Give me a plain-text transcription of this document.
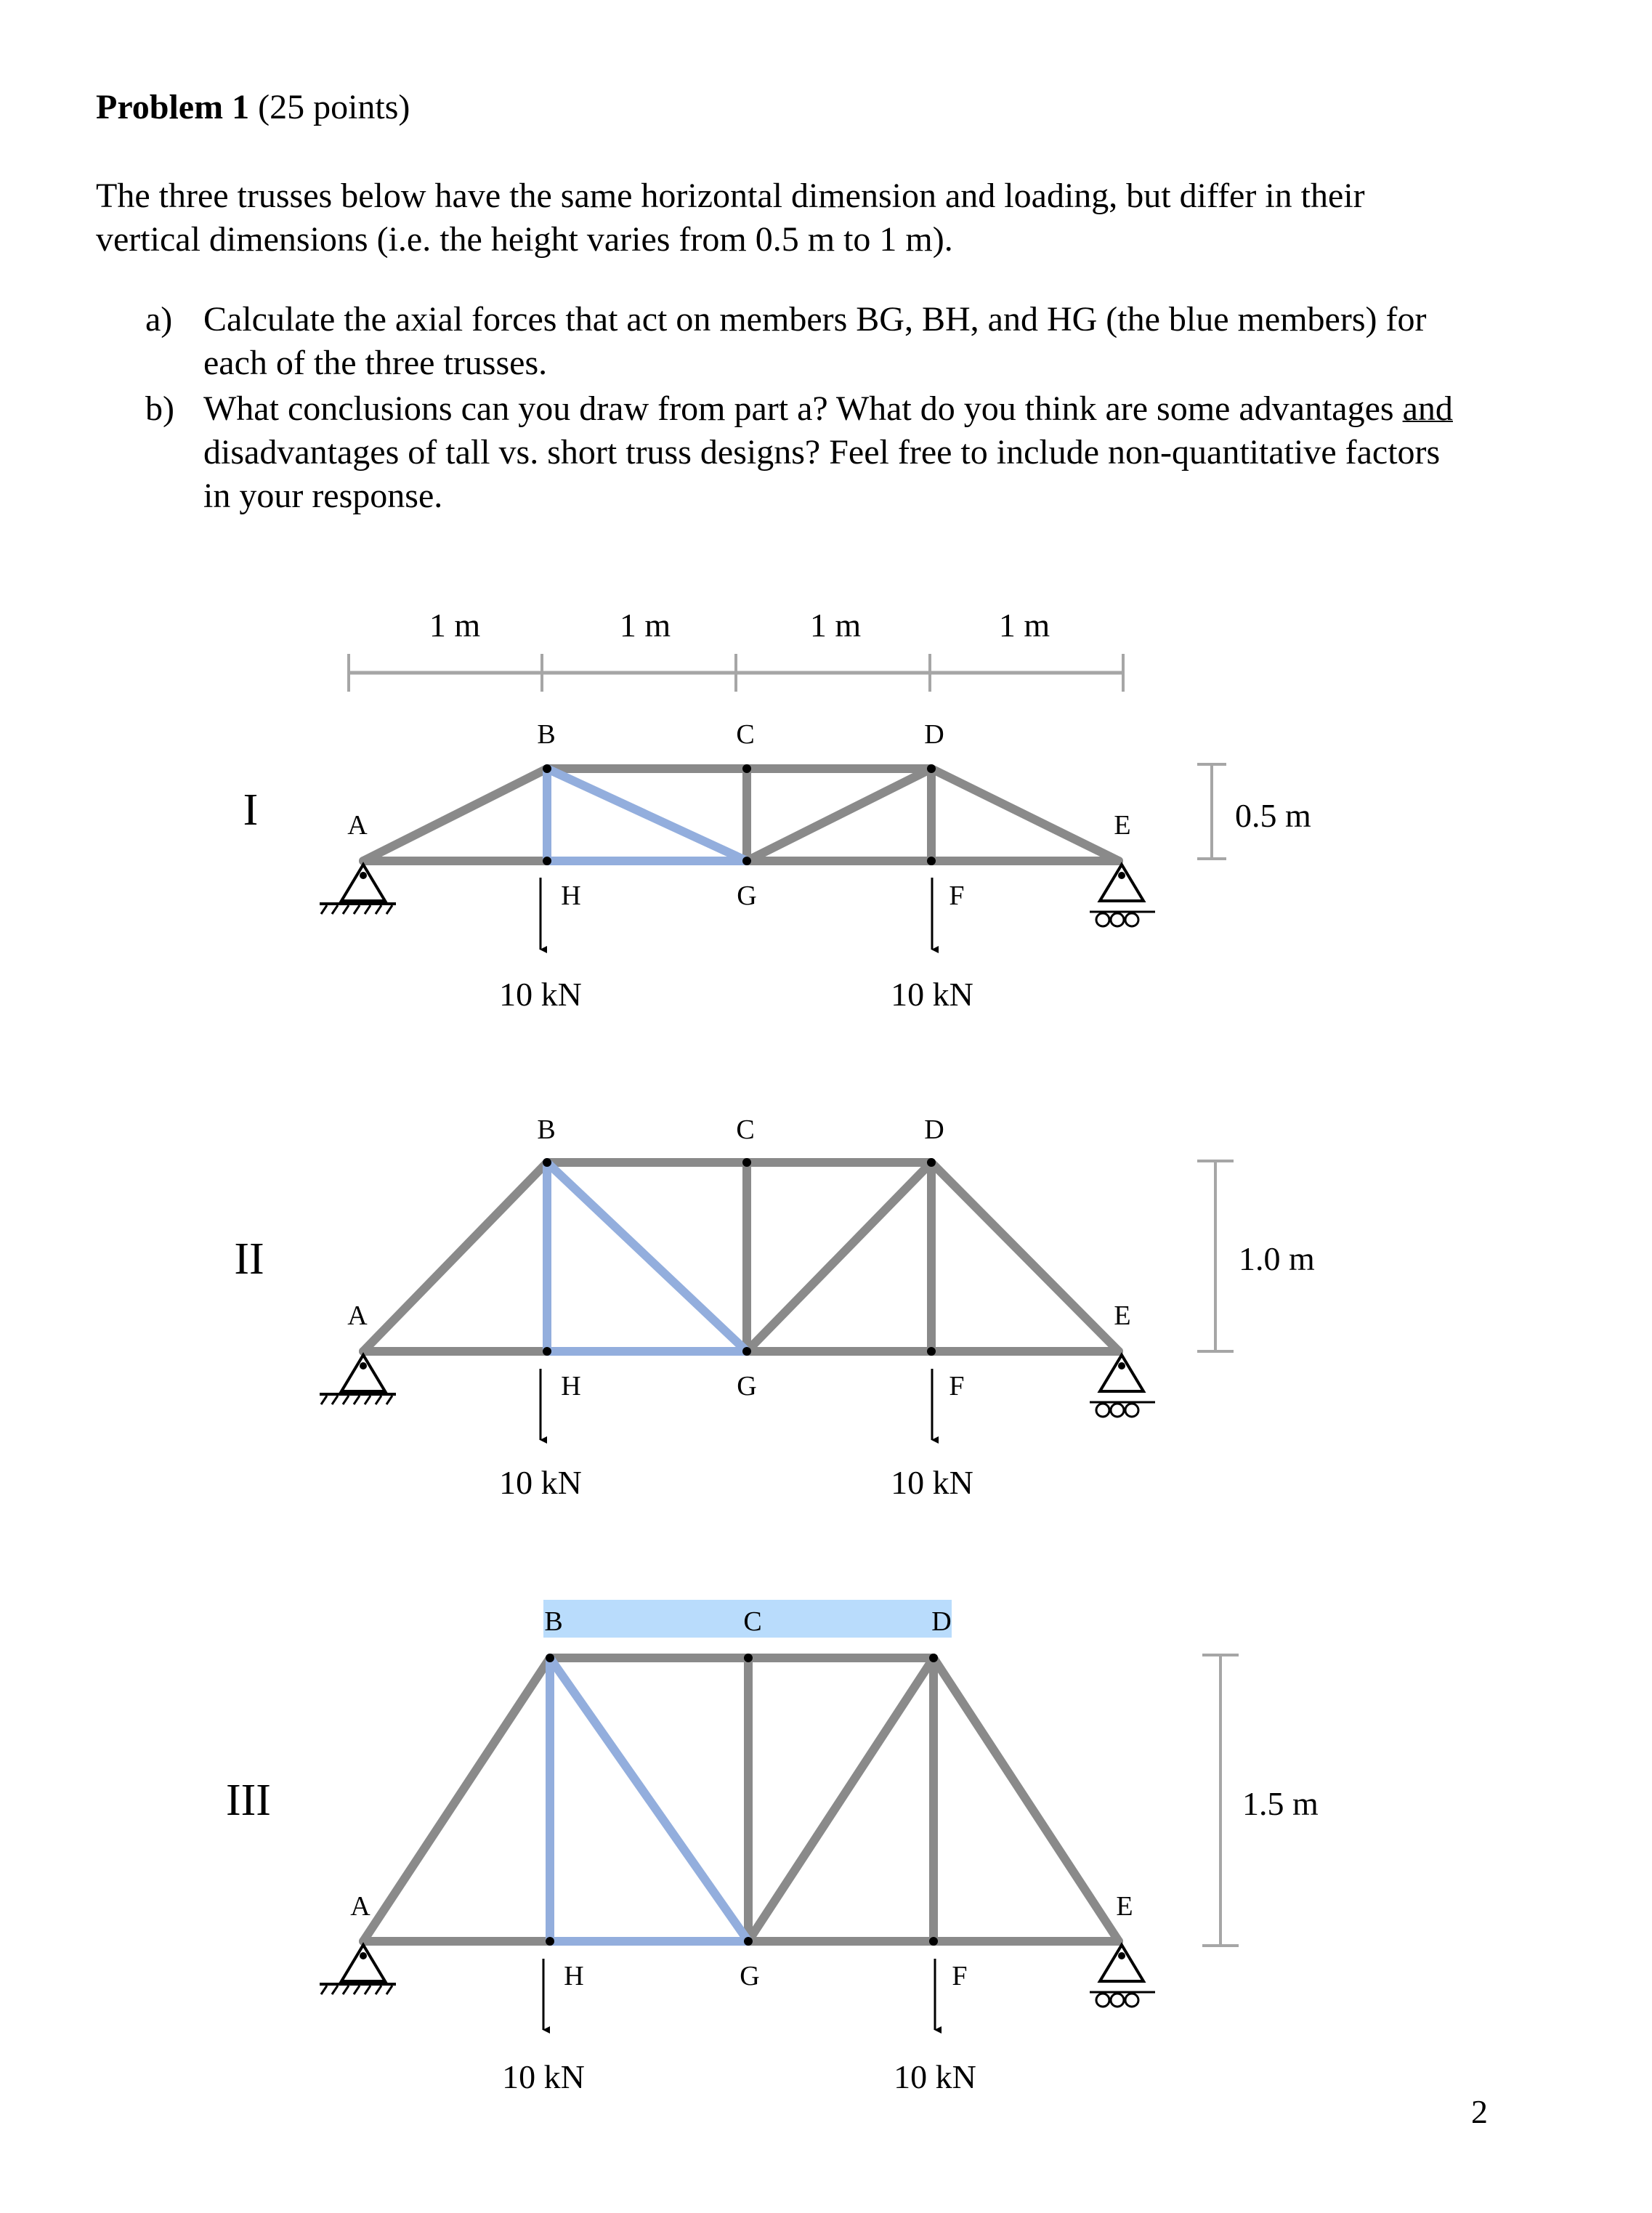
Problem 1 (25 points)
The three trusses below have the same horizontal dimension and loading, but differ in their
vertical dimensions (i.e. the height varies from 0.5 m to 1 m).
a) Calculate the axial forces that act on members BG, BH, and HG (the blue members) for
each of the three trusses.
b) What conclusions can you draw from part a? What do you think are some advantages and
disadvantages of tall vs. short truss designs? Feel free to include non-quantitative factors
in your response.
1 m	1 m	1 m	1 m
I
10 kN	10 kN
A
B	C	D
E
F
G
H
0.5 m
II
10 kN	10 kN
A
B	C	D
E
F
G
H
1.0 m
III
10 kN	10 kN
A
B	C	D
E
F
G
H
1.5 m
2
